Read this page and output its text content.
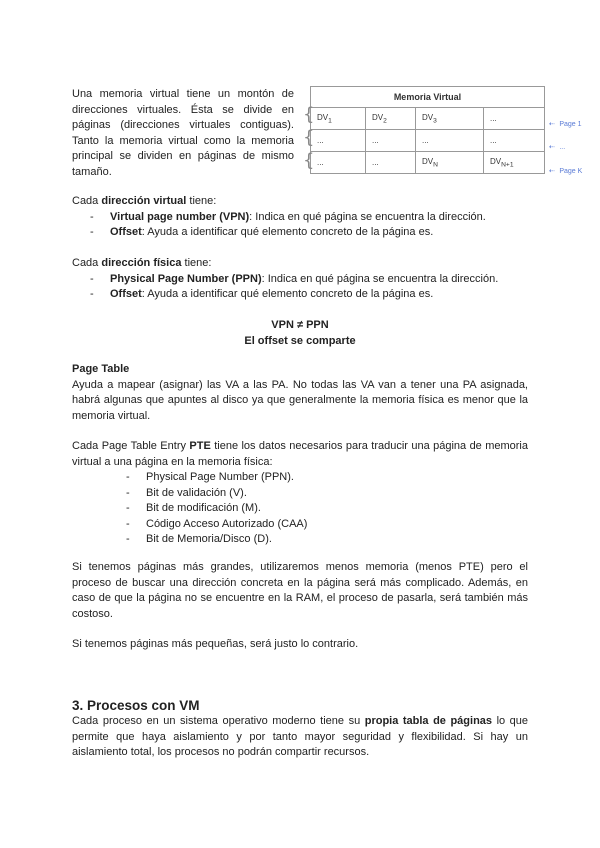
Una memoria virtual tiene un montón de direcciones virtuales. Ésta se divide en páginas (direcciones virtuales contiguas). Tanto la memoria virtual como la memoria principal se dividen en páginas de mismo tamaño.

Memoria Virtual			
$DV_1$	$DV_2$	$DV_3$	...
...	...	...	...
...	...	$DV_N$	$DV_{N+1}$
{
{
{
⇠ Page 1
⇠ ...
⇠ Page K

Cada dirección virtual tiene:

- Virtual page number (VPN): Indica en qué página se encuentra la dirección.
- Offset: Ayuda a identificar qué elemento concreto de la página es.

Cada dirección física tiene:

- Physical Page Number (PPN): Indica en qué página se encuentra la dirección.
- Offset: Ayuda a identificar qué elemento concreto de la página es.

VPN ≠ PPN

El offset se comparte

Page Table

Ayuda a mapear (asignar) las VA a las PA. No todas las VA van a tener una PA asignada, habrá algunas que apuntes al disco ya que generalmente la memoria física es menor que la memoria virtual.

Cada Page Table Entry PTE tiene los datos necesarios para traducir una página de memoria virtual a una página en la memoria física:

- Physical Page Number (PPN).
- Bit de validación (V).
- Bit de modificación (M).
- Código Acceso Autorizado (CAA)
- Bit de Memoria/Disco (D).

Si tenemos páginas más grandes, utilizaremos menos memoria (menos PTE) pero el proceso de buscar una dirección concreta en la página será más complicado. Además, en caso de que la página no se encuentre en la RAM, el proceso de pasarla, será también más costoso.

Si tenemos páginas más pequeñas, será justo lo contrario.

3. Procesos con VM

Cada proceso en un sistema operativo moderno tiene su propia tabla de páginas lo que permite que haya aislamiento y por tanto mayor seguridad y flexibilidad. Si hay un aislamiento total, los procesos no podrán compartir recursos.
